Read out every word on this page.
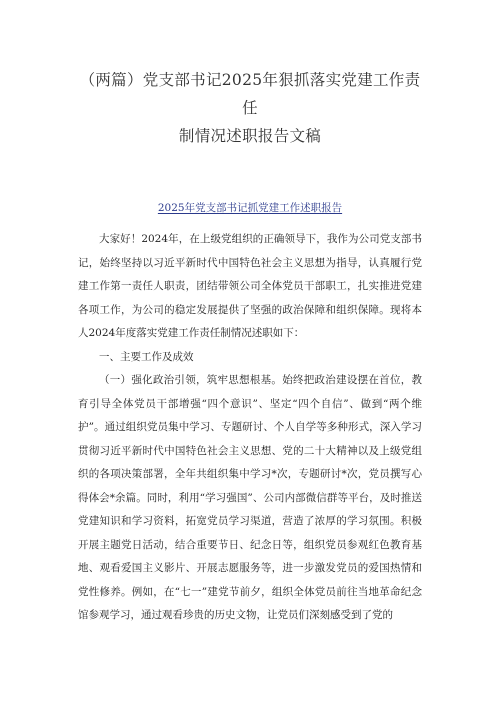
（两篇）党支部书记2025年狠抓落实党建工作责任
制情况述职报告文稿

2025年党支部书记抓党建工作述职报告

大家好！2024年，在上级党组织的正确领导下，我作为公司党支部书记，始终坚持以习近平新时代中国特色社会主义思想为指导，认真履行党建工作第一责任人职责，团结带领公司全体党员干部职工，扎实推进党建各项工作，为公司的稳定发展提供了坚强的政治保障和组织保障。现将本人2024年度落实党建工作责任制情况述职如下：

一、主要工作及成效

（一）强化政治引领，筑牢思想根基。始终把政治建设摆在首位，教育引导全体党员干部增强“四个意识”、坚定“四个自信”、做到“两个维护”。通过组织党员集中学习、专题研讨、个人自学等多种形式，深入学习贯彻习近平新时代中国特色社会主义思想、党的二十大精神以及上级党组织的各项决策部署，全年共组织集中学习*次，专题研讨*次，党员撰写心得体会*余篇。同时，利用“学习强国”、公司内部微信群等平台，及时推送党建知识和学习资料，拓宽党员学习渠道，营造了浓厚的学习氛围。积极开展主题党日活动，结合重要节日、纪念日等，组织党员参观红色教育基地、观看爱国主义影片、开展志愿服务等，进一步激发党员的爱国热情和党性修养。例如，在“七一”建党节前夕，组织全体党员前往当地革命纪念馆参观学习，通过观看珍贵的历史文物，让党员们深刻感受到了党的
